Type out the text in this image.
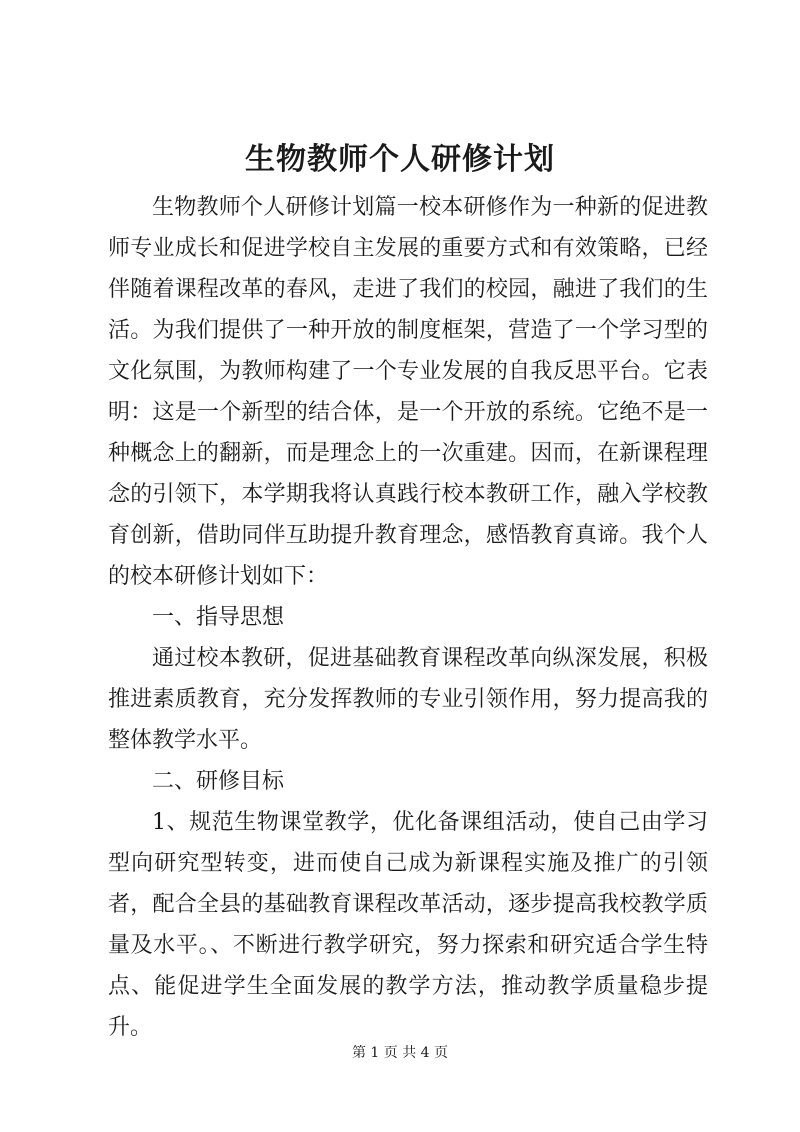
生物教师个人研修计划

生物教师个人研修计划篇一校本研修作为一种新的促进教师专业成长和促进学校自主发展的重要方式和有效策略，已经伴随着课程改革的春风，走进了我们的校园，融进了我们的生活。为我们提供了一种开放的制度框架，营造了一个学习型的文化氛围，为教师构建了一个专业发展的自我反思平台。它表明：这是一个新型的结合体，是一个开放的系统。它绝不是一种概念上的翻新，而是理念上的一次重建。因而，在新课程理念的引领下，本学期我将认真践行校本教研工作，融入学校教育创新，借助同伴互助提升教育理念，感悟教育真谛。我个人的校本研修计划如下：

一、指导思想

通过校本教研，促进基础教育课程改革向纵深发展，积极推进素质教育，充分发挥教师的专业引领作用，努力提高我的整体教学水平。

二、研修目标

1、规范生物课堂教学，优化备课组活动，使自己由学习型向研究型转变，进而使自己成为新课程实施及推广的引领者，配合全县的基础教育课程改革活动，逐步提高我校教学质量及水平。、不断进行教学研究，努力探索和研究适合学生特点、能促进学生全面发展的教学方法，推动教学质量稳步提升。

第 1 页 共 4 页
